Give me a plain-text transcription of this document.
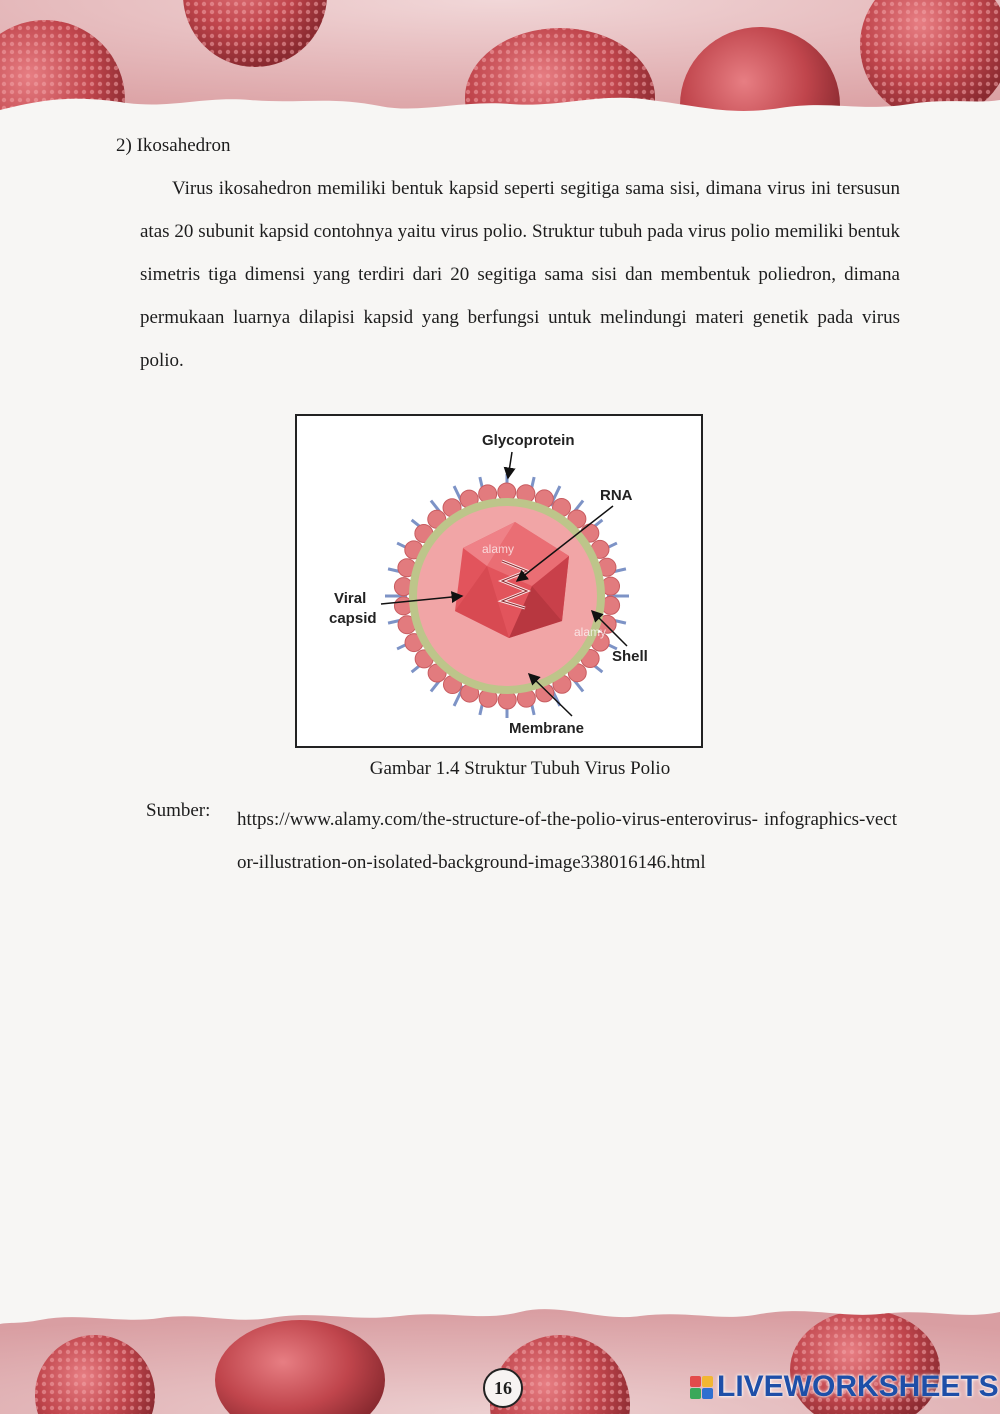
2) Ikosahedron

Virus ikosahedron memiliki bentuk kapsid seperti segitiga sama sisi, dimana virus ini tersusun atas 20 subunit kapsid contohnya yaitu virus polio. Struktur tubuh pada virus polio memiliki bentuk simetris tiga dimensi yang terdiri dari 20 segitiga sama sisi dan membentuk poliedron, dimana permukaan luarnya dilapisi kapsid yang berfungsi untuk melindungi materi genetik pada virus polio.

alamy
alamy
Glycoprotein
RNA
Viral
capsid
Shell
Membrane
Gambar 1.4 Struktur Tubuh Virus Polio
Sumber: https://www.alamy.com/the-structure-of-the-polio-virus-enterovirus- infographics-vector-illustration-on-isolated-background-image338016146.html

16	LIVEWORKSHEETS
